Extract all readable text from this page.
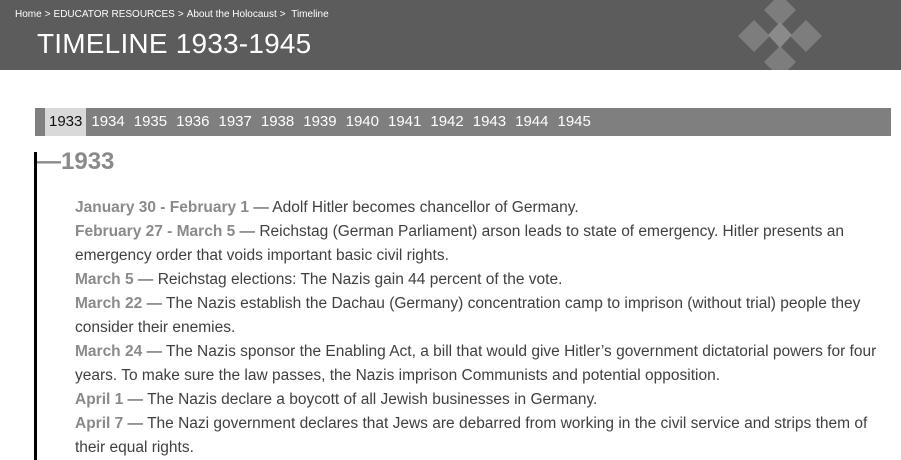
Home > EDUCATOR RESOURCES > About the Holocaust > Timeline
TIMELINE 1933-1945
1933 1934 1935 1936 1937 1938 1939 1940 1941 1942 1943 1944 1945
—1933
January 30 - February 1 — Adolf Hitler becomes chancellor of Germany.
February 27 - March 5 — Reichstag (German Parliament) arson leads to state of emergency. Hitler presents an emergency order that voids important basic civil rights.
March 5 — Reichstag elections: The Nazis gain 44 percent of the vote.
March 22 — The Nazis establish the Dachau (Germany) concentration camp to imprison (without trial) people they consider their enemies.
March 24 — The Nazis sponsor the Enabling Act, a bill that would give Hitler’s government dictatorial powers for four years. To make sure the law passes, the Nazis imprison Communists and potential opposition.
April 1 — The Nazis declare a boycott of all Jewish businesses in Germany.
April 7 — The Nazi government declares that Jews are debarred from working in the civil service and strips them of their equal rights.
